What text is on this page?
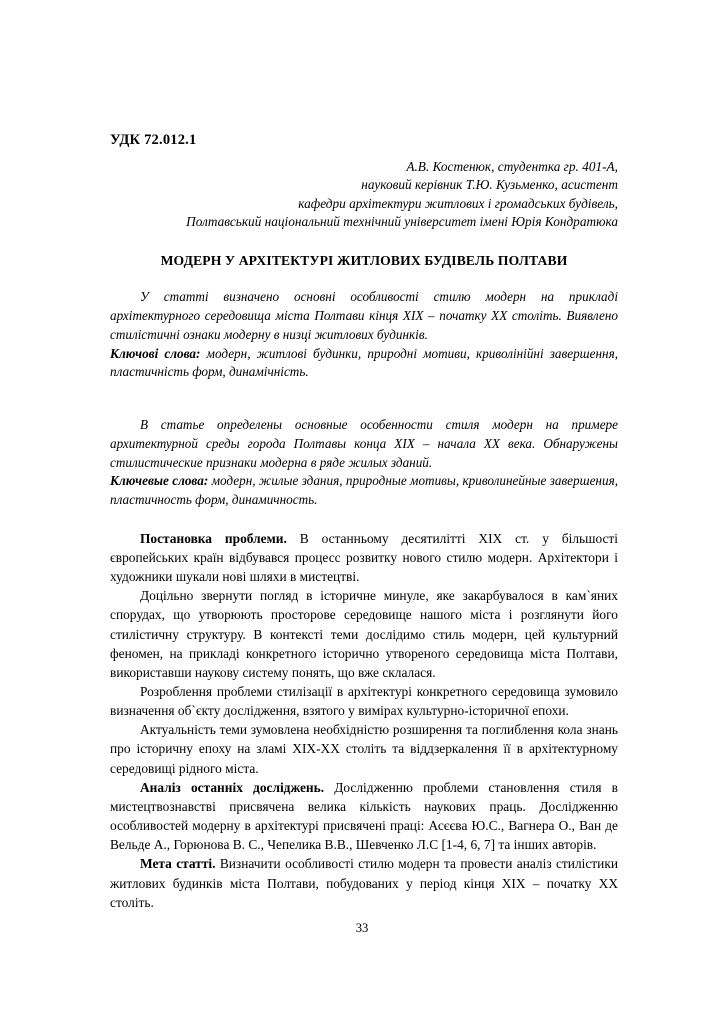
УДК 72.012.1
А.В. Костенюк, студентка гр. 401-А,
науковий керівник Т.Ю. Кузьменко, асистент
кафедри архітектури житлових і громадських будівель,
Полтавський національний технічний університет імені Юрія Кондратюка
МОДЕРН У АРХІТЕКТУРІ ЖИТЛОВИХ БУДІВЕЛЬ ПОЛТАВИ

У статті визначено основні особливості стилю модерн на прикладі архітектурного середовища міста Полтави кінця ХІХ – початку ХХ століть. Виявлено стилістичні ознаки модерну в низці житлових будинків.

Ключові слова: модерн, житлові будинки, природні мотиви, криволінійні завершення, пластичність форм, динамічність.

В статье определены основные особенности стиля модерн на примере архитектурной среды города Полтавы конца ХІХ – начала ХХ века. Обнаружены стилистические признаки модерна в ряде жилых зданий.

Ключевые слова: модерн, жилые здания, природные мотивы, криволинейные завершения, пластичность форм, динамичность.

Постановка проблеми. В останньому десятилітті ХІХ ст. у більшості європейських країн відбувався процесс розвитку нового стилю модерн. Архітектори і художники шукали нові шляхи в мистецтві.

Доцільно звернути погляд в історичне минуле, яке закарбувалося в кам`яних спорудах, що утворюють просторове середовище нашого міста і розглянути його стилістичну структуру. В контексті теми дослідимо стиль модерн, цей культурний феномен, на прикладі конкретного історично утвореного середовища міста Полтави, використавши наукову систему понять, що вже склалася.

Розроблення проблеми стилізації в архітектурі конкретного середовища зумовило визначення об`єкту дослідження, взятого у вимірах культурно-історичної епохи.

Актуальність теми зумовлена необхідністю розширення та поглиблення кола знань про історичну епоху на зламі ХІХ-ХХ століть та віддзеркалення її в архітектурному середовищі рідного міста.

Аналіз останніх досліджень. Дослідженню проблеми становлення стиля в мистецтвознавстві присвячена велика кількість наукових праць. Дослідженню особливостей модерну в архітектурі присвячені праці: Асєєва Ю.С., Вагнера О., Ван де Вельде А., Горюнова В. С., Чепелика В.В., Шевченко Л.С [1-4, 6, 7] та інших авторів.

Мета статті. Визначити особливості стилю модерн та провести аналіз стилістики житлових будинків міста Полтави, побудованих у період кінця ХІХ – початку ХХ століть.

33
